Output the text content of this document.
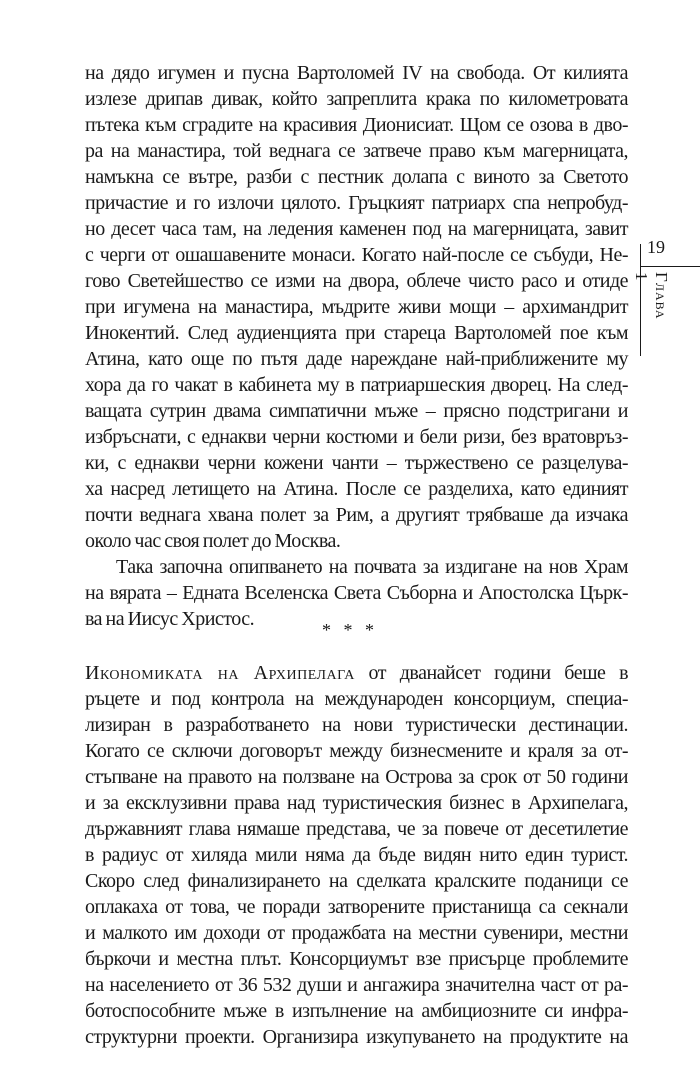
на дядо игумен и пусна Вартоломей IV на свобода. От килията
излезе дрипав дивак, който запреплита крака по километровата
пътека към сградите на красивия Дионисиат. Щом се озова в дво-
ра на манастира, той веднага се затвече право към магерницата,
намъкна се вътре, разби с пестник долапа с виното за Светото
причастие и го излочи цялото. Гръцкият патриарх спа непробуд-
но десет часа там, на ледения каменен под на магерницата, завит
с черги от ошашавените монаси. Когато най-после се събуди, Не-
гово Светейшество се изми на двора, облече чисто расо и отиде
при игумена на манастира, мъдрите живи мощи – архимандрит
Инокентий. След аудиенцията при старeца Вартоломей пое към
Атина, като още по пътя даде нареждане най-приближените му
хора да го чакат в кабинета му в патриаршеския дворец. На след-
ващата сутрин двама симпатични мъже – прясно подстригани и
избръснати, с еднакви черни костюми и бели ризи, без вратовръз-
ки, с еднакви черни кожени чанти – тържествено се разцелува-
ха насред летището на Атина. После се разделиха, като единият
почти веднага хвана полет за Рим, а другият трябваше да изчака
около час своя полет до Москва.
Така започна опипването на почвата за издигане на нов Храм
на вярата – Едната Вселенска Света Съборна и Апостолска Църк-
ва на Иисус Христос.	* * *
Икономиката на Архипелага от дванайсет години беше в
ръцете и под контрола на международен консорциум, специа-
лизиран в разработването на нови туристически дестинации.
Когато се сключи договорът между бизнесмените и краля за от-
стъпване на правото на ползване на Острова за срок от 50 години
и за ексклузивни права над туристическия бизнес в Архипелага,
държавният глава нямаше представа, че за повече от десетилетие
в радиус от хиляда мили няма да бъде видян нито един турист.
Скоро след финализирането на сделката кралските поданици се
оплакаха от това, че поради затворените пристанища са секнали
и малкото им доходи от продажбата на местни сувенири, местни
бъркочи и местна плът. Консорциумът взе присърце проблемите
на населението от 36 532 души и ангажира значителна част от ра-
ботоспособните мъже в изпълнение на амбициозните си инфра-
структурни проекти. Организира изкупуването на продуктите на
19
Глава 1
